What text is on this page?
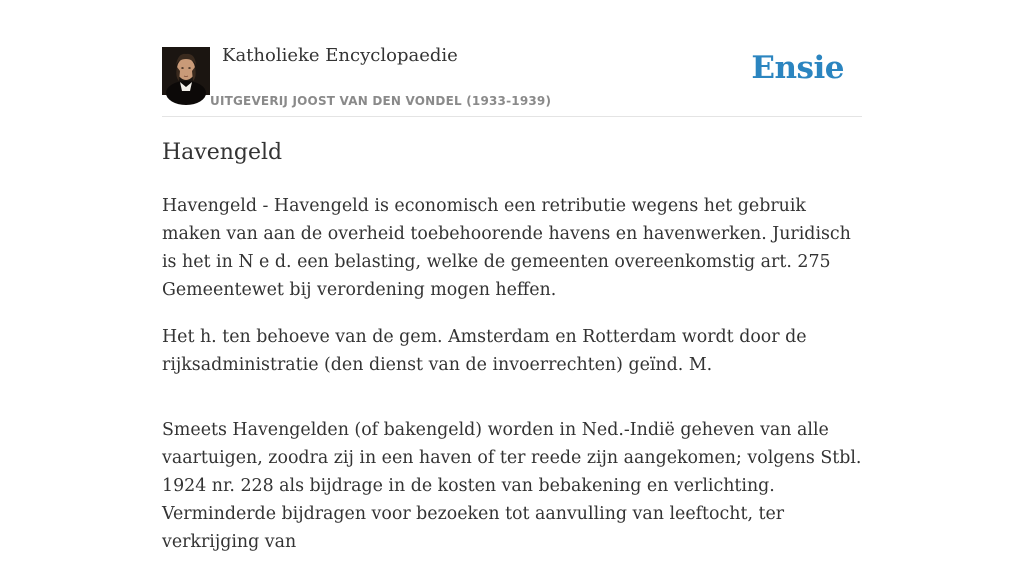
Katholieke Encyclopaedie
UITGEVERIJ JOOST VAN DEN VONDEL (1933-1939)
Ensie
Havengeld

Havengeld - Havengeld is economisch een retributie wegens het gebruik maken van aan de overheid toebehoorende havens en havenwerken. Juridisch is het in N e d. een belasting, welke de gemeenten overeenkomstig art. 275 Gemeentewet bij verordening mogen heffen.

Het h. ten behoeve van de gem. Amsterdam en Rotterdam wordt door de rijksadministratie (den dienst van de invoerrechten) geïnd. M.

Smeets Havengelden (of bakengeld) worden in Ned.-Indië geheven van alle vaartuigen, zoodra zij in een haven of ter reede zijn aangekomen; volgens Stbl. 1924 nr. 228 als bijdrage in de kosten van bebakening en verlichting. Verminderde bijdragen voor bezoeken tot aanvulling van leeftocht, ter verkrijging van
